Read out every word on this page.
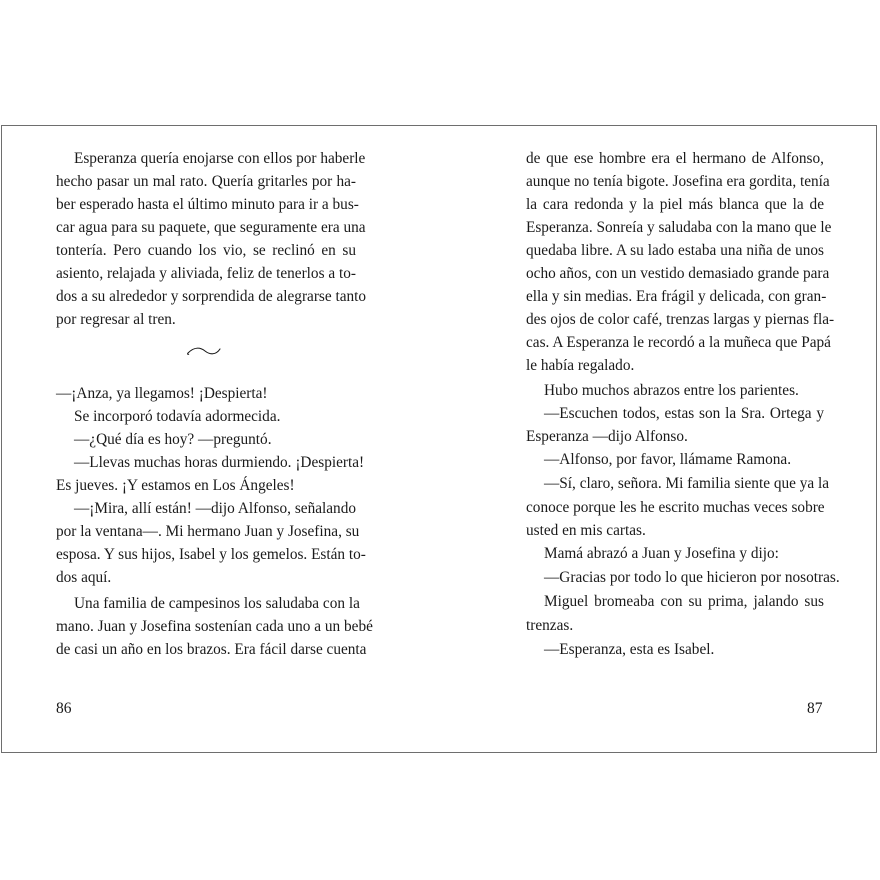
Esperanza quería enojarse con ellos por haberle
hecho pasar un mal rato. Quería gritarles por ha-
ber esperado hasta el último minuto para ir a bus-
car agua para su paquete, que seguramente era una
tontería. Pero cuando los vio, se reclinó en su
asiento, relajada y aliviada, feliz de tenerlos a to-
dos a su alrededor y sorprendida de alegrarse tanto
por regresar al tren.
—¡Anza, ya llegamos! ¡Despierta!
Se incorporó todavía adormecida.
—¿Qué día es hoy? —preguntó.
—Llevas muchas horas durmiendo. ¡Despierta!
Es jueves. ¡Y estamos en Los Ángeles!
—¡Mira, allí están! —dijo Alfonso, señalando
por la ventana—. Mi hermano Juan y Josefina, su
esposa. Y sus hijos, Isabel y los gemelos. Están to-
dos aquí.
Una familia de campesinos los saludaba con la
mano. Juan y Josefina sostenían cada uno a un bebé
de casi un año en los brazos. Era fácil darse cuenta
86
de que ese hombre era el hermano de Alfonso,
aunque no tenía bigote. Josefina era gordita, tenía
la cara redonda y la piel más blanca que la de
Esperanza. Sonreía y saludaba con la mano que le
quedaba libre. A su lado estaba una niña de unos
ocho años, con un vestido demasiado grande para
ella y sin medias. Era frágil y delicada, con gran-
des ojos de color café, trenzas largas y piernas fla-
cas. A Esperanza le recordó a la muñeca que Papá
le había regalado.
Hubo muchos abrazos entre los parientes.
—Escuchen todos, estas son la Sra. Ortega y
Esperanza —dijo Alfonso.
—Alfonso, por favor, llámame Ramona.
—Sí, claro, señora. Mi familia siente que ya la
conoce porque les he escrito muchas veces sobre
usted en mis cartas.
Mamá abrazó a Juan y Josefina y dijo:
—Gracias por todo lo que hicieron por nosotras.
Miguel bromeaba con su prima, jalando sus
trenzas.
—Esperanza, esta es Isabel.
87
